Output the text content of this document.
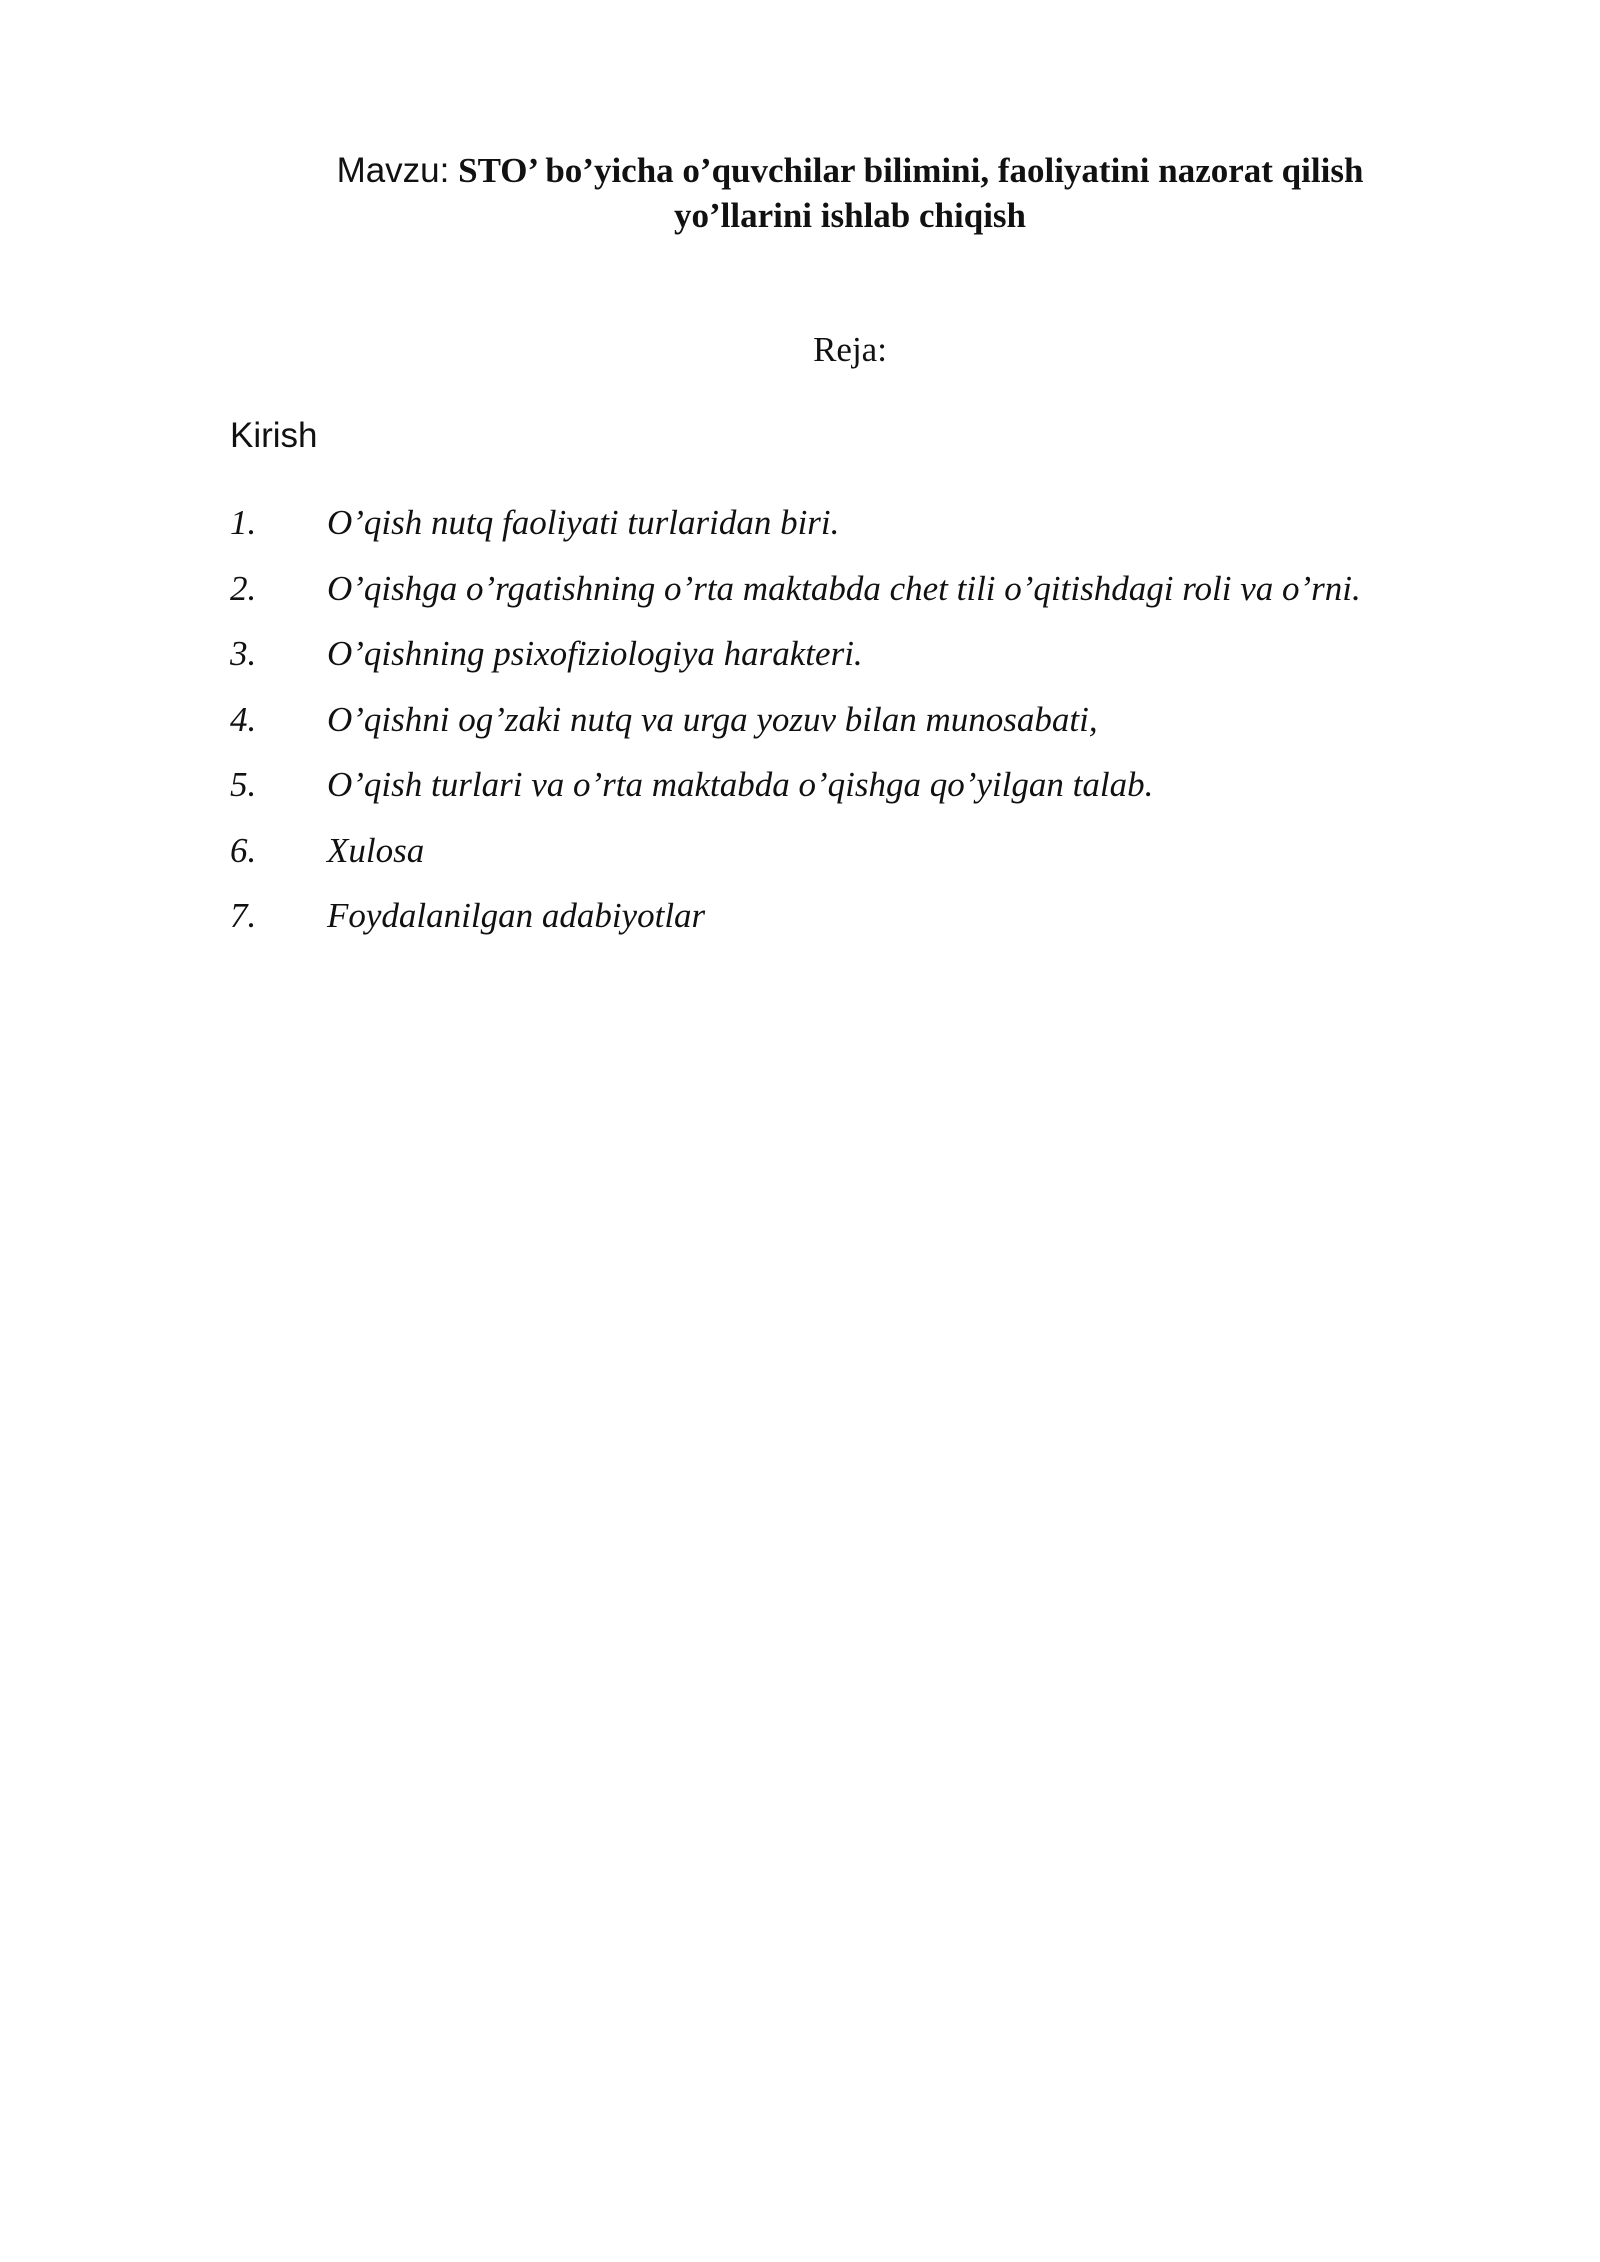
Mavzu: STO’ bo’yicha o’quvchilar bilimini, faoliyatini nazorat qilish
yo’llarini ishlab chiqish
Reja:
Kirish
1. O’qish nutq faoliyati turlaridan biri.
2. O’qishga o’rgatishning o’rta maktabda chet tili o’qitishdagi roli va o’rni.
3. O’qishning psixofiziologiya harakteri.
4. O’qishni og’zaki nutq va urga yozuv bilan munosabati,
5. O’qish turlari va o’rta maktabda o’qishga qo’yilgan talab.
6. Xulosa
7. Foydalanilgan adabiyotlar
